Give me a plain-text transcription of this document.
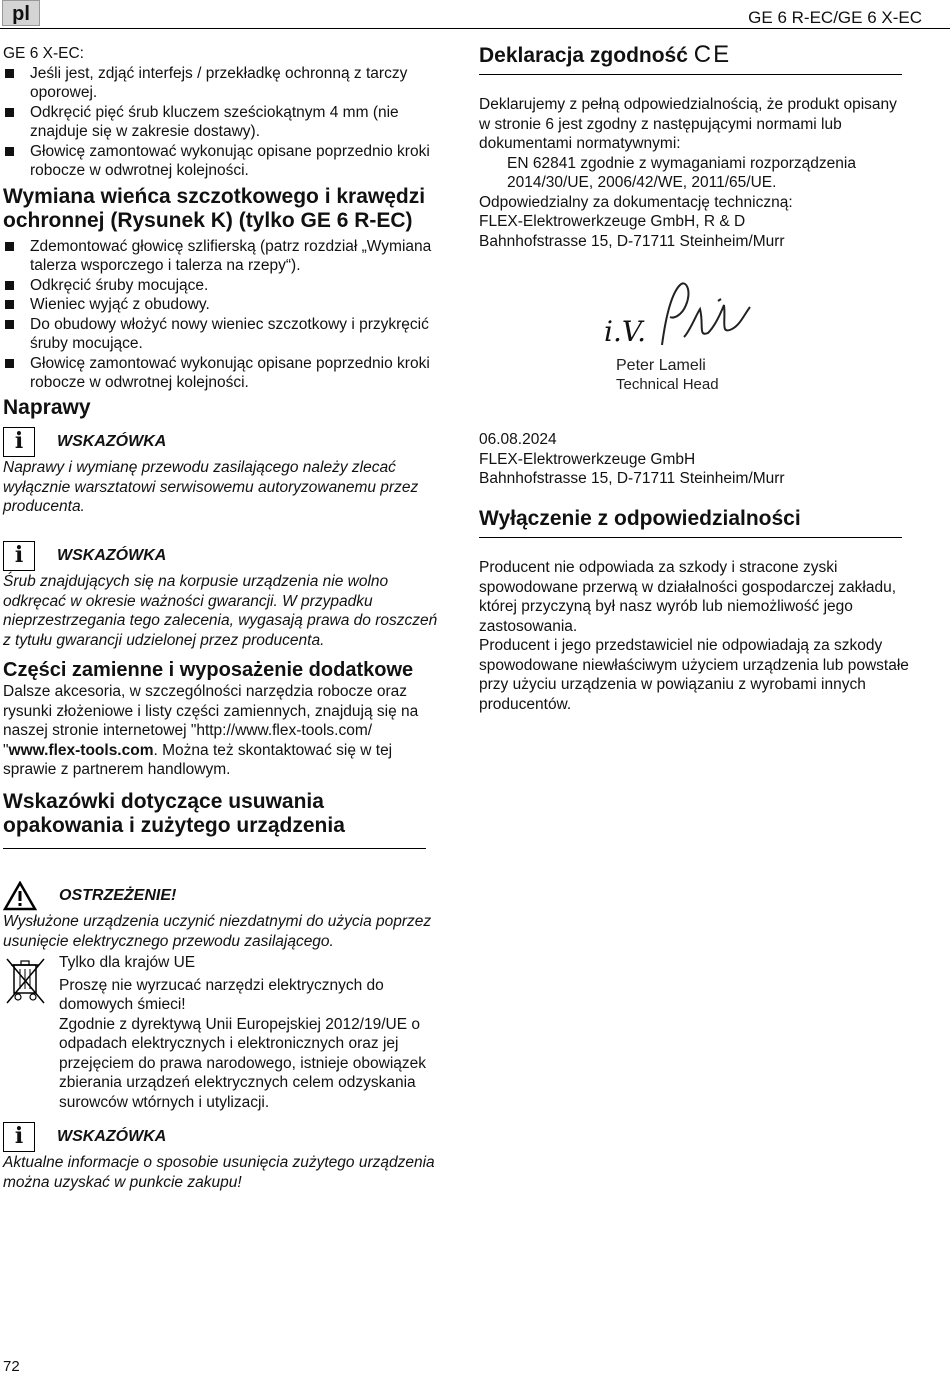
pl	GE 6 R-EC/GE 6 X-EC

GE 6 X-EC:

Jeśli jest, zdjąć interfejs / przekładkę ochronną z tarczy oporowej.

Odkręcić pięć śrub kluczem sześciokątnym 4 mm (nie znajduje się w zakresie dostawy).

Głowicę zamontować wykonując opisane poprzednio kroki robocze w odwrotnej kolejności.

Wymiana wieńca szczotkowego i krawędzi ochronnej (Rysunek K) (tylko GE 6 R-EC)

Zdemontować głowicę szlifierską (patrz rozdział „Wymiana talerza wsporczego i talerza na rzepy“).

Odkręcić śruby mocujące.

Wieniec wyjąć z obudowy.

Do obudowy włożyć nowy wieniec szczotkowy i przykręcić śruby mocujące.

Głowicę zamontować wykonując opisane poprzednio kroki robocze w odwrotnej kolejności.

Naprawy

i	WSKAZÓWKA

Naprawy i wymianę przewodu zasilającego należy zlecać wyłącznie warsztatowi serwisowemu autoryzowanemu przez producenta.

i	WSKAZÓWKA

Śrub znajdujących się na korpusie urządzenia nie wolno odkręcać w okresie ważności gwarancji. W przypadku nieprzestrzegania tego zalecenia, wygasają prawa do roszczeń z tytułu gwarancji udzielonej przez producenta.

Części zamienne i wyposażenie dodatkowe

Dalsze akcesoria, w szczególności narzędzia robocze oraz rysunki złożeniowe i listy części zamiennych, znajdują się na naszej stronie internetowej "http://www.flex-tools.com/ "www.flex-tools.com. Można też skontaktować się w tej sprawie z partnerem handlowym.

Wskazówki dotyczące usuwania opakowania i zużytego urządzenia

OSTRZEŻENIE!

Wysłużone urządzenia uczynić niezdatnymi do użycia poprzez usunięcie elektrycznego przewodu zasilającego.

Tylko dla krajów UE

Proszę nie wyrzucać narzędzi elektrycznych do domowych śmieci!

Zgodnie z dyrektywą Unii Europejskiej 2012/19/UE o odpadach elektrycznych i elektronicznych oraz jej przejęciem do prawa narodowego, istnieje obowiązek zbierania urządzeń elektrycznych celem odzyskania surowców wtórnych i utylizacji.

i	WSKAZÓWKA

Aktualne informacje o sposobie usunięcia zużytego urządzenia można uzyskać w punkcie zakupu!

72

Deklaracja zgodność CE

Deklarujemy z pełną odpowiedzialnością, że produkt opisany w stronie 6 jest zgodny z następującymi normami lub dokumentami normatywnymi:

EN 62841 zgodnie z wymaganiami rozporządzenia

2014/30/UE, 2006/42/WE, 2011/65/UE.

Odpowiedzialny za dokumentację techniczną:

FLEX-Elektrowerkzeuge GmbH, R & D

Bahnhofstrasse 15, D-71711 Steinheim/Murr

i.V.
Peter Lameli
Technical Head

06.08.2024

FLEX-Elektrowerkzeuge GmbH

Bahnhofstrasse 15, D-71711 Steinheim/Murr

Wyłączenie z odpowiedzialności

Producent nie odpowiada za szkody i stracone zyski spowodowane przerwą w działalności gospodarczej zakładu, której przyczyną był nasz wyrób lub niemożliwość jego zastosowania.

Producent i jego przedstawiciel nie odpowiadają za szkody spowodowane niewłaściwym użyciem urządzenia lub powstałe przy użyciu urządzenia w powiązaniu z wyrobami innych producentów.
